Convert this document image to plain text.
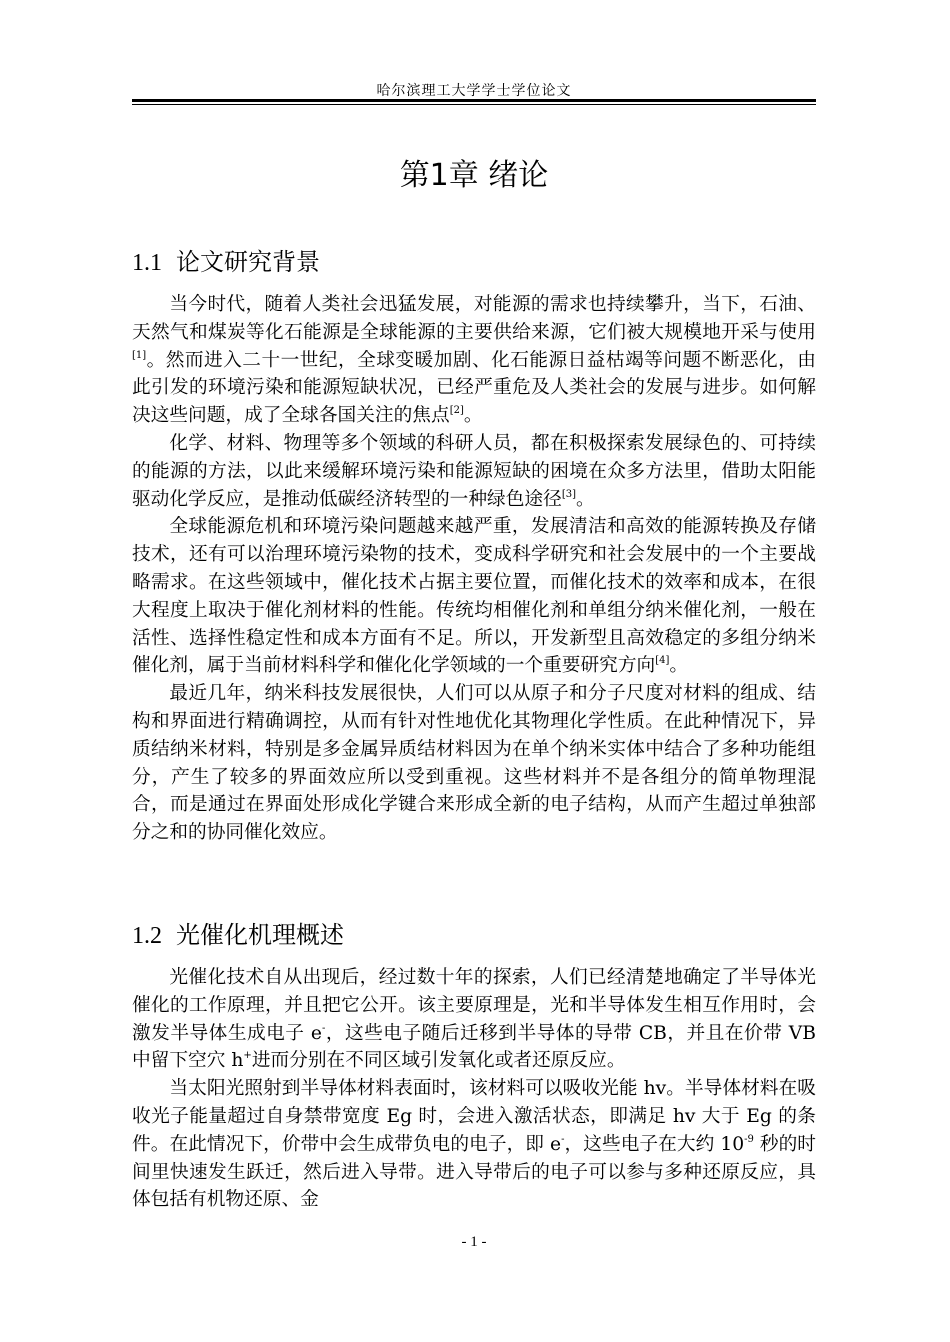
哈尔滨理工大学学士学位论文
第1章 绪论
1.1 论文研究背景

当今时代，随着人类社会迅猛发展，对能源的需求也持续攀升，当下，石油、天然气和煤炭等化石能源是全球能源的主要供给来源，它们被大规模地开采与使用[1]。然而进入二十一世纪，全球变暖加剧、化石能源日益枯竭等问题不断恶化，由此引发的环境污染和能源短缺状况，已经严重危及人类社会的发展与进步。如何解决这些问题，成了全球各国关注的焦点[2]。

化学、材料、物理等多个领域的科研人员，都在积极探索发展绿色的、可持续的能源的方法，以此来缓解环境污染和能源短缺的困境在众多方法里，借助太阳能驱动化学反应，是推动低碳经济转型的一种绿色途径[3]。

全球能源危机和环境污染问题越来越严重，发展清洁和高效的能源转换及存储技术，还有可以治理环境污染物的技术，变成科学研究和社会发展中的一个主要战略需求。在这些领域中，催化技术占据主要位置，而催化技术的效率和成本，在很大程度上取决于催化剂材料的性能。传统均相催化剂和单组分纳米催化剂，一般在活性、选择性稳定性和成本方面有不足。所以，开发新型且高效稳定的多组分纳米催化剂，属于当前材料科学和催化化学领域的一个重要研究方向[4]。

最近几年，纳米科技发展很快，人们可以从原子和分子尺度对材料的组成、结构和界面进行精确调控，从而有针对性地优化其物理化学性质。在此种情况下，异质结纳米材料，特别是多金属异质结材料因为在单个纳米实体中结合了多种功能组分，产生了较多的界面效应所以受到重视。这些材料并不是各组分的简单物理混合，而是通过在界面处形成化学键合来形成全新的电子结构，从而产生超过单独部分之和的协同催化效应。

1.2 光催化机理概述

光催化技术自从出现后，经过数十年的探索，人们已经清楚地确定了半导体光催化的工作原理，并且把它公开。该主要原理是，光和半导体发生相互作用时，会激发半导体生成电子 e-，这些电子随后迁移到半导体的导带 CB，并且在价带 VB 中留下空穴 h+进而分别在不同区域引发氧化或者还原反应。

当太阳光照射到半导体材料表面时，该材料可以吸收光能 hv。半导体材料在吸收光子能量超过自身禁带宽度 Eg 时，会进入激活状态，即满足 hv 大于 Eg 的条件。在此情况下，价带中会生成带负电的电子，即 e-，这些电子在大约 $10^{-9}$ 秒的时间里快速发生跃迁，然后进入导带。进入导带后的电子可以参与多种还原反应，具体包括有机物还原、金

- 1 -
